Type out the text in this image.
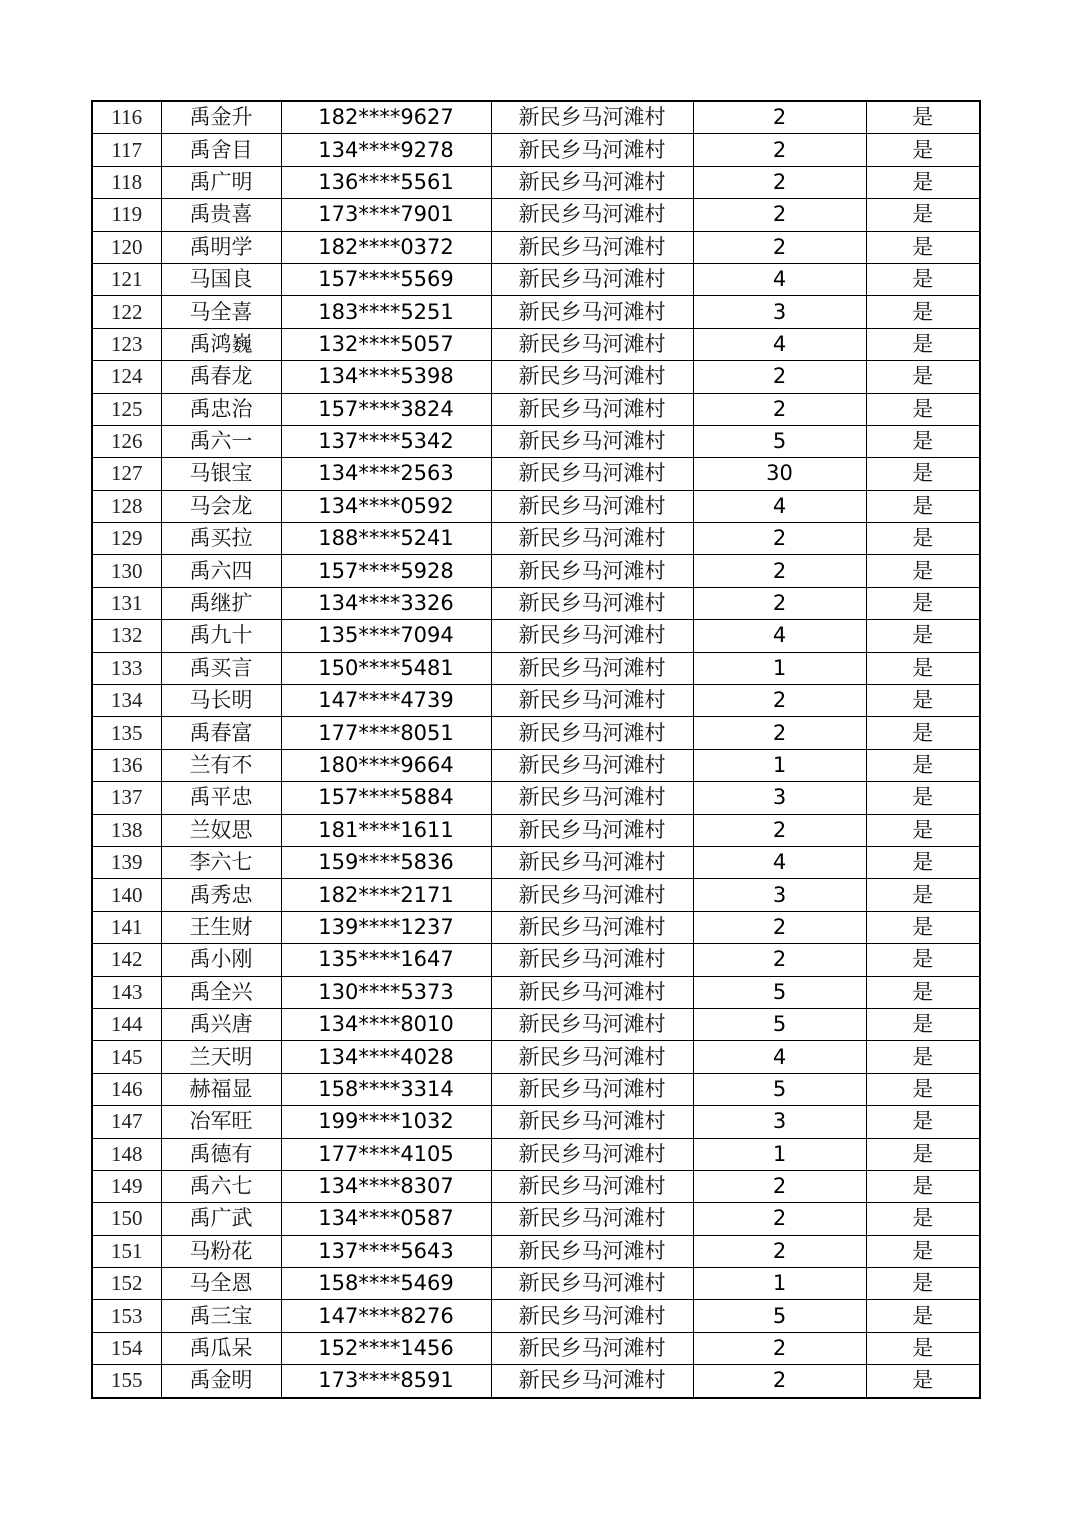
116	禹金升	182****9627	新民乡马河滩村	2	是
117	禹舍目	134****9278	新民乡马河滩村	2	是
118	禹广明	136****5561	新民乡马河滩村	2	是
119	禹贵喜	173****7901	新民乡马河滩村	2	是
120	禹明学	182****0372	新民乡马河滩村	2	是
121	马国良	157****5569	新民乡马河滩村	4	是
122	马全喜	183****5251	新民乡马河滩村	3	是
123	禹鸿巍	132****5057	新民乡马河滩村	4	是
124	禹春龙	134****5398	新民乡马河滩村	2	是
125	禹忠治	157****3824	新民乡马河滩村	2	是
126	禹六一	137****5342	新民乡马河滩村	5	是
127	马银宝	134****2563	新民乡马河滩村	30	是
128	马会龙	134****0592	新民乡马河滩村	4	是
129	禹买拉	188****5241	新民乡马河滩村	2	是
130	禹六四	157****5928	新民乡马河滩村	2	是
131	禹继扩	134****3326	新民乡马河滩村	2	是
132	禹九十	135****7094	新民乡马河滩村	4	是
133	禹买言	150****5481	新民乡马河滩村	1	是
134	马长明	147****4739	新民乡马河滩村	2	是
135	禹春富	177****8051	新民乡马河滩村	2	是
136	兰有不	180****9664	新民乡马河滩村	1	是
137	禹平忠	157****5884	新民乡马河滩村	3	是
138	兰奴思	181****1611	新民乡马河滩村	2	是
139	李六七	159****5836	新民乡马河滩村	4	是
140	禹秀忠	182****2171	新民乡马河滩村	3	是
141	王生财	139****1237	新民乡马河滩村	2	是
142	禹小刚	135****1647	新民乡马河滩村	2	是
143	禹全兴	130****5373	新民乡马河滩村	5	是
144	禹兴唐	134****8010	新民乡马河滩村	5	是
145	兰天明	134****4028	新民乡马河滩村	4	是
146	赫福显	158****3314	新民乡马河滩村	5	是
147	冶军旺	199****1032	新民乡马河滩村	3	是
148	禹德有	177****4105	新民乡马河滩村	1	是
149	禹六七	134****8307	新民乡马河滩村	2	是
150	禹广武	134****0587	新民乡马河滩村	2	是
151	马粉花	137****5643	新民乡马河滩村	2	是
152	马全恩	158****5469	新民乡马河滩村	1	是
153	禹三宝	147****8276	新民乡马河滩村	5	是
154	禹瓜呆	152****1456	新民乡马河滩村	2	是
155	禹金明	173****8591	新民乡马河滩村	2	是
